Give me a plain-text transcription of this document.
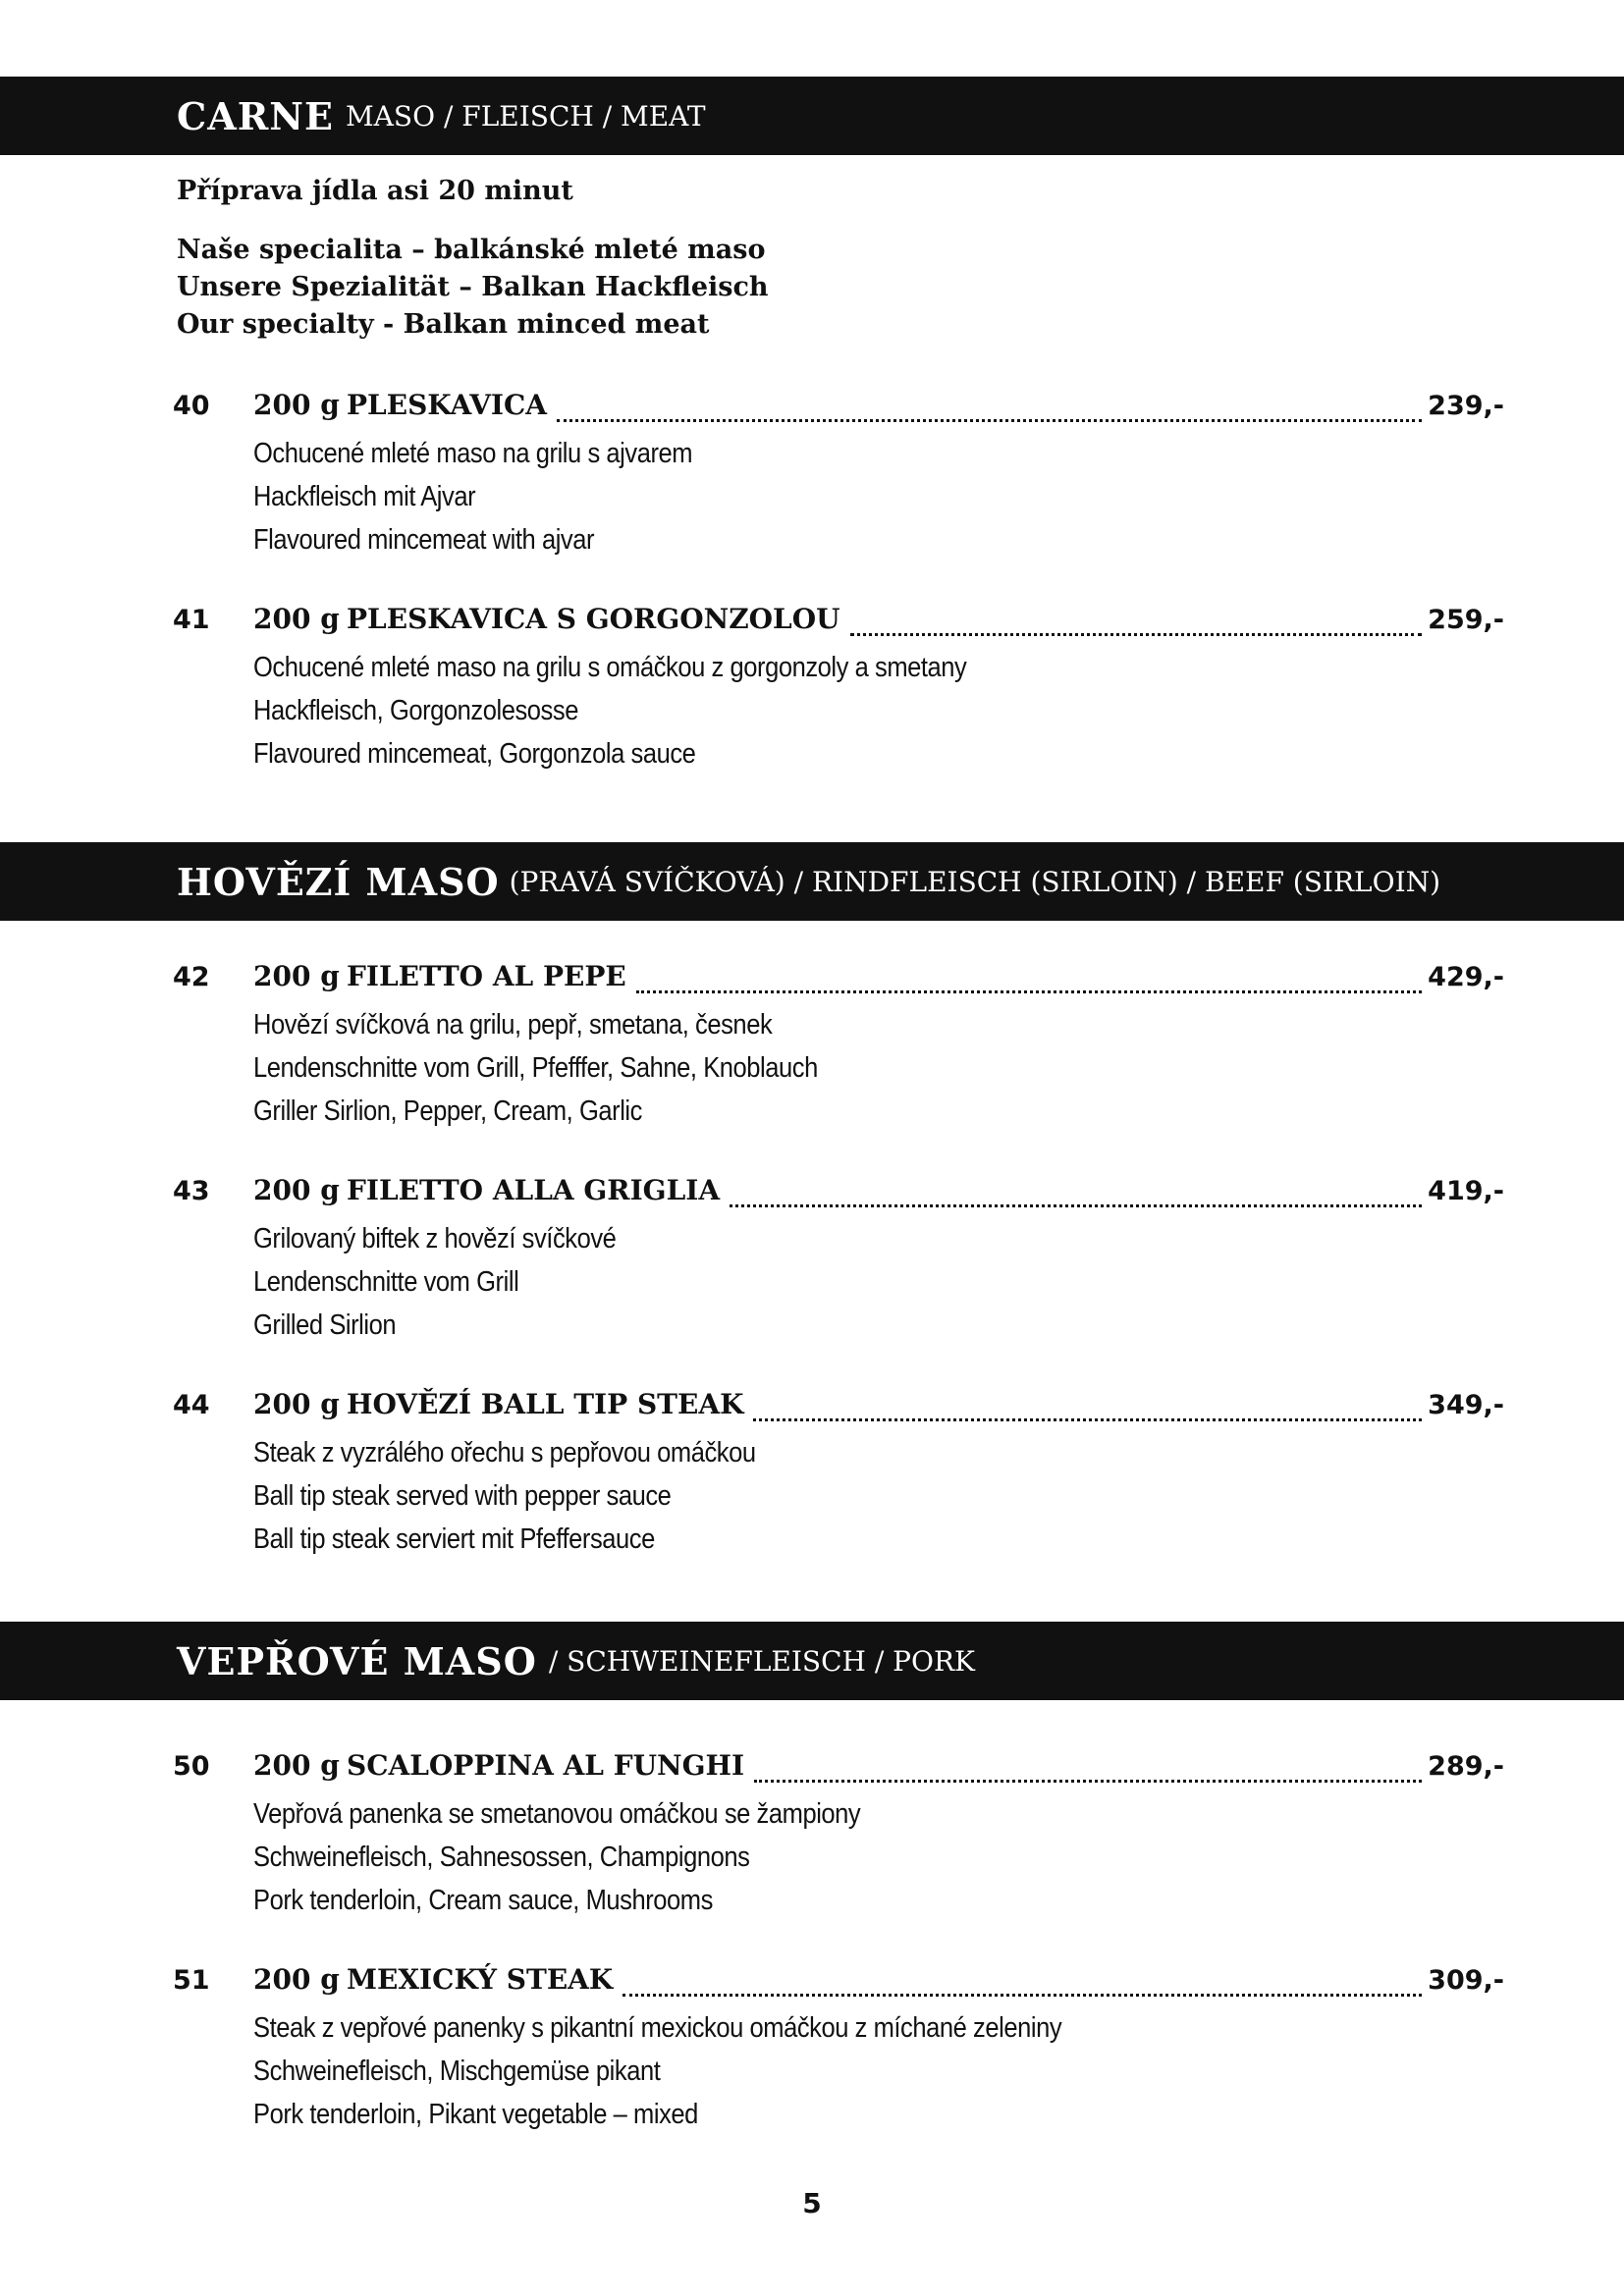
CARNE MASO / FLEISCH / MEAT
Příprava jídla asi 20 minut
Naše specialita – balkánské mleté maso
Unsere Spezialität – Balkan Hackfleisch
Our specialty - Balkan minced meat
40	200 g PLESKAVICA	239,-
Ochucené mleté maso na grilu s ajvarem
Hackfleisch mit Ajvar
Flavoured mincemeat with ajvar
41	200 g PLESKAVICA S GORGONZOLOU	259,-
Ochucené mleté maso na grilu s omáčkou z gorgonzoly a smetany
Hackfleisch, Gorgonzolesosse
Flavoured mincemeat, Gorgonzola sauce
HOVĚZÍ MASO (PRAVÁ SVÍČKOVÁ) / RINDFLEISCH (SIRLOIN) / BEEF (SIRLOIN)
42	200 g FILETTO AL PEPE	429,-
Hovězí svíčková na grilu, pepř, smetana, česnek
Lendenschnitte vom Grill, Pfefffer, Sahne, Knoblauch
Griller Sirlion, Pepper, Cream, Garlic
43	200 g FILETTO ALLA GRIGLIA	419,-
Grilovaný biftek z hovězí svíčkové
Lendenschnitte vom Grill
Grilled Sirlion
44	200 g HOVĚZÍ BALL TIP STEAK	349,-
Steak z vyzrálého ořechu s pepřovou omáčkou
Ball tip steak served with pepper sauce
Ball tip steak serviert mit Pfeffersauce
VEPŘOVÉ MASO / SCHWEINEFLEISCH / PORK
50	200 g SCALOPPINA AL FUNGHI	289,-
Vepřová panenka se smetanovou omáčkou se žampiony
Schweinefleisch, Sahnesossen, Champignons
Pork tenderloin, Cream sauce, Mushrooms
51	200 g MEXICKÝ STEAK	309,-
Steak z vepřové panenky s pikantní mexickou omáčkou z míchané zeleniny
Schweinefleisch, Mischgemüse pikant
Pork tenderloin, Pikant vegetable – mixed
5
